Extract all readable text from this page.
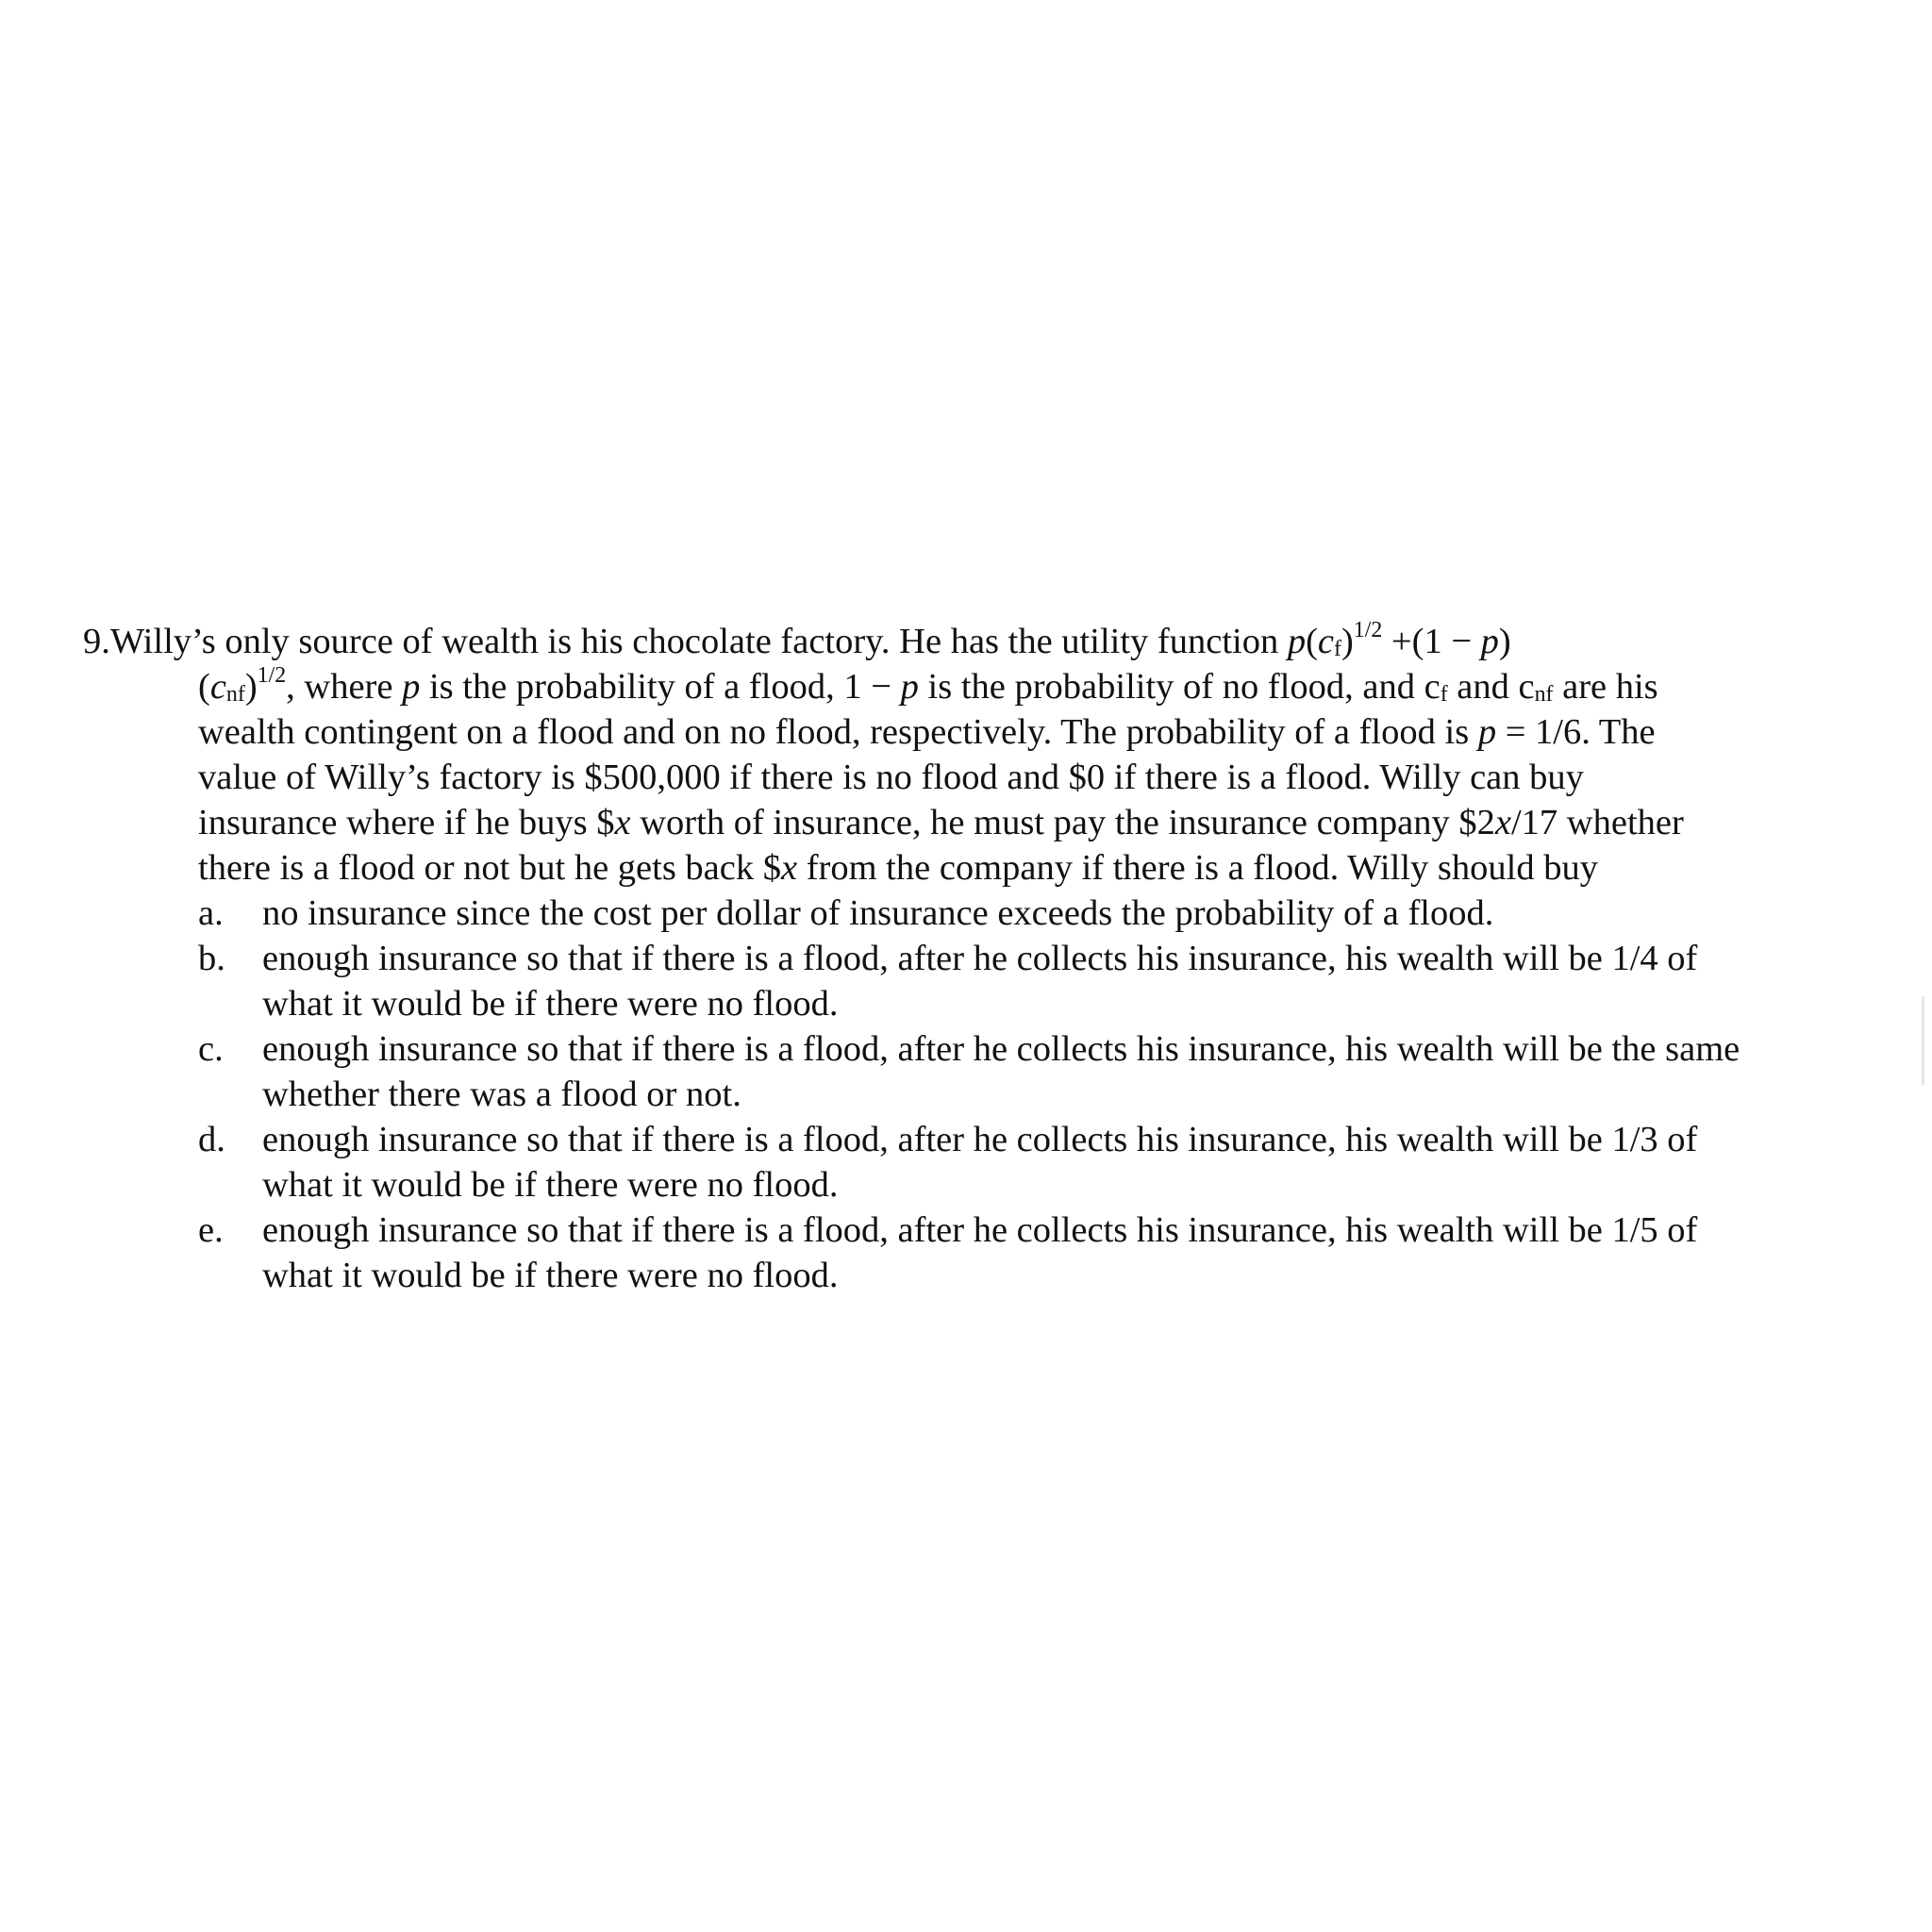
9.Willy’s only source of wealth is his chocolate factory. He has the utility function $p(c_f)^{1/2} +(1 - p)$
$(c_{nf})^{1/2}$, where p is the probability of a flood, 1 − p is the probability of no flood, and $c_f$ and $c_{nf}$ are his
wealth contingent on a flood and on no flood, respectively. The probability of a flood is p = 1/6. The
value of Willy’s factory is $500,000 if there is no flood and $0 if there is a flood. Willy can buy
insurance where if he buys $x worth of insurance, he must pay the insurance company $2x/17 whether
there is a flood or not but he gets back $x from the company if there is a flood. Willy should buy

a. no insurance since the cost per dollar of insurance exceeds the probability of a flood.
b. enough insurance so that if there is a flood, after he collects his insurance, his wealth will be 1/4 of what it would be if there were no flood.
c. enough insurance so that if there is a flood, after he collects his insurance, his wealth will be the same whether there was a flood or not.
d. enough insurance so that if there is a flood, after he collects his insurance, his wealth will be 1/3 of what it would be if there were no flood.
e. enough insurance so that if there is a flood, after he collects his insurance, his wealth will be 1/5 of what it would be if there were no flood.
